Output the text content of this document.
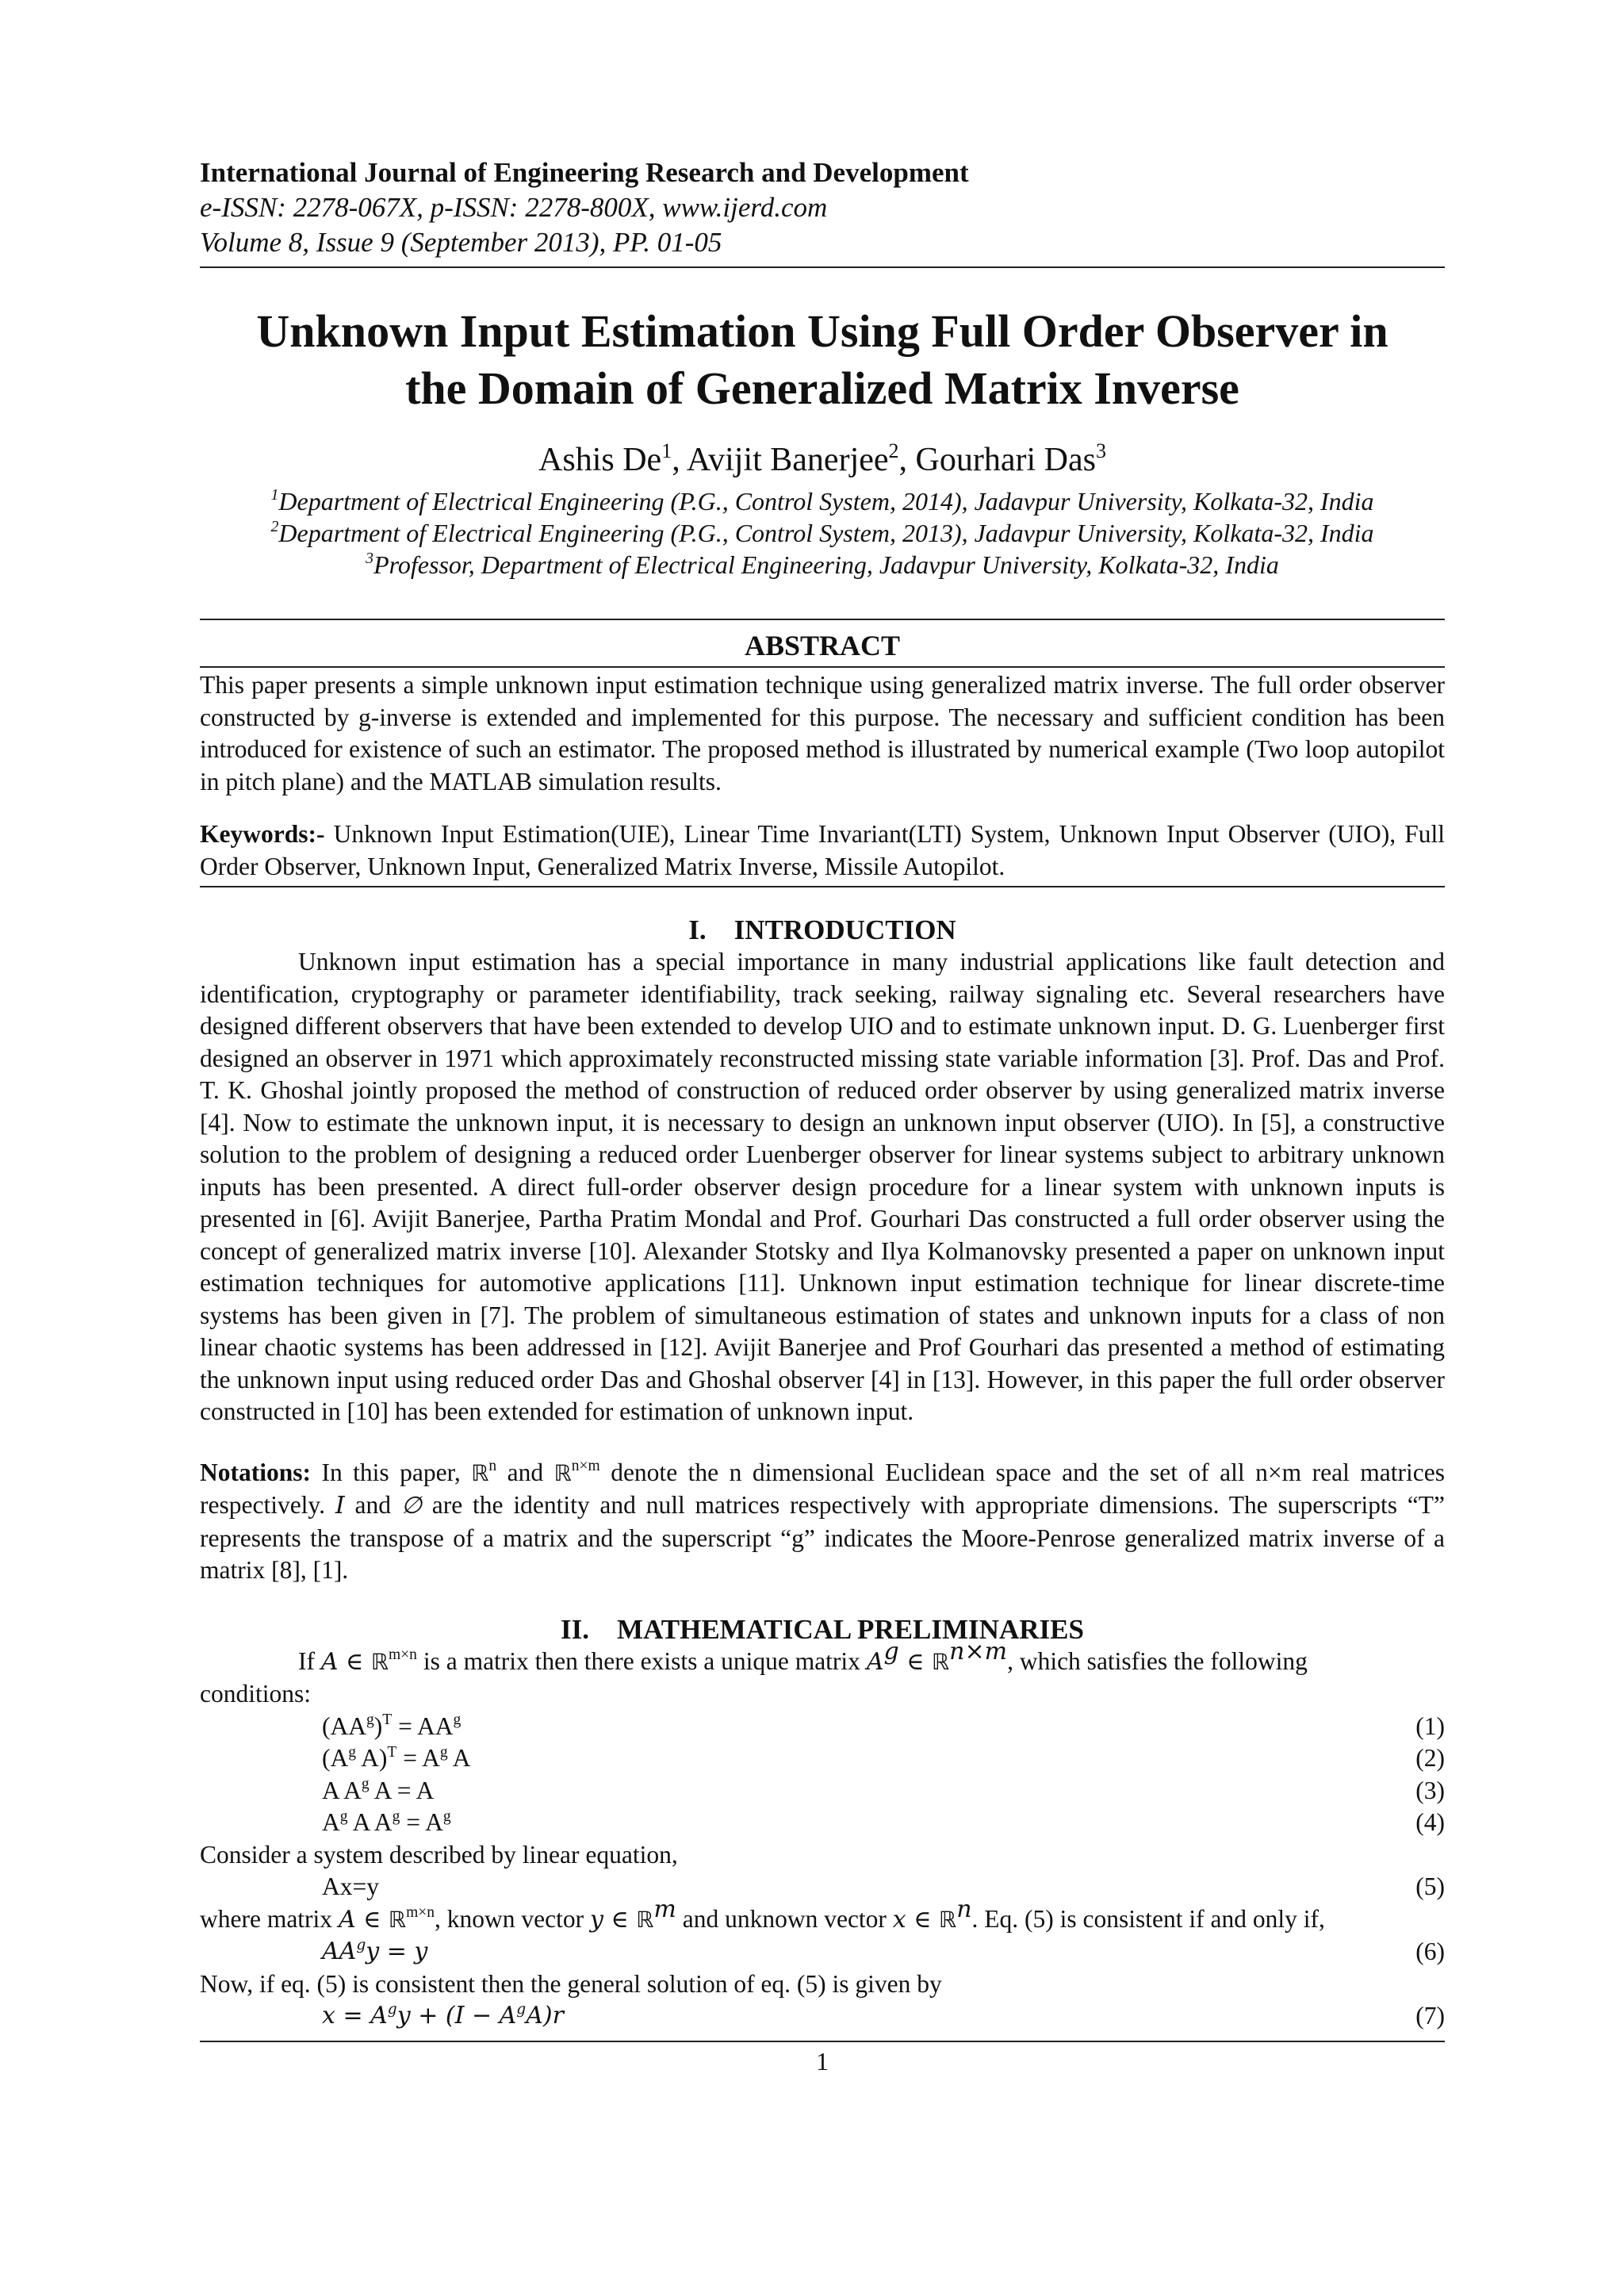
International Journal of Engineering Research and Development
e-ISSN: 2278-067X, p-ISSN: 2278-800X, www.ijerd.com
Volume 8, Issue 9 (September 2013), PP. 01-05
Unknown Input Estimation Using Full Order Observer in
the Domain of Generalized Matrix Inverse
Ashis De$^1$, Avijit Banerjee$^2$, Gourhari Das$^3$
$^1$Department of Electrical Engineering (P.G., Control System, 2014), Jadavpur University, Kolkata-32, India
$^2$Department of Electrical Engineering (P.G., Control System, 2013), Jadavpur University, Kolkata-32, India
$^3$Professor, Department of Electrical Engineering, Jadavpur University, Kolkata-32, India
ABSTRACT

This paper presents a simple unknown input estimation technique using generalized matrix inverse. The full order observer constructed by g-inverse is extended and implemented for this purpose. The necessary and sufficient condition has been introduced for existence of such an estimator. The proposed method is illustrated by numerical example (Two loop autopilot in pitch plane) and the MATLAB simulation results.

Keywords:- Unknown Input Estimation(UIE), Linear Time Invariant(LTI) System, Unknown Input Observer (UIO), Full Order Observer, Unknown Input, Generalized Matrix Inverse, Missile Autopilot.

I.    INTRODUCTION

Unknown input estimation has a special importance in many industrial applications like fault detection and identification, cryptography or parameter identifiability, track seeking, railway signaling etc. Several researchers have designed different observers that have been extended to develop UIO and to estimate unknown input. D. G. Luenberger first designed an observer in 1971 which approximately reconstructed missing state variable information [3]. Prof. Das and Prof. T. K. Ghoshal jointly proposed the method of construction of reduced order observer by using generalized matrix inverse [4]. Now to estimate the unknown input, it is necessary to design an unknown input observer (UIO). In [5], a constructive solution to the problem of designing a reduced order Luenberger observer for linear systems subject to arbitrary unknown inputs has been presented. A direct full-order observer design procedure for a linear system with unknown inputs is presented in [6]. Avijit Banerjee, Partha Pratim Mondal and Prof. Gourhari Das constructed a full order observer using the concept of generalized matrix inverse [10]. Alexander Stotsky and Ilya Kolmanovsky presented a paper on unknown input estimation techniques for automotive applications [11]. Unknown input estimation technique for linear discrete-time systems has been given in [7]. The problem of simultaneous estimation of states and unknown inputs for a class of non linear chaotic systems has been addressed in [12]. Avijit Banerjee and Prof Gourhari das presented a method of estimating the unknown input using reduced order Das and Ghoshal observer [4] in [13]. However, in this paper the full order observer constructed in [10] has been extended for estimation of unknown input.

Notations: In this paper, ℝ$^n$ and ℝ$^{n\times m}$ denote the n dimensional Euclidean space and the set of all n×m real matrices respectively. I and ∅ are the identity and null matrices respectively with appropriate dimensions. The superscripts “T” represents the transpose of a matrix and the superscript “g” indicates the Moore-Penrose generalized matrix inverse of a matrix [8], [1].

II.    MATHEMATICAL PRELIMINARIES

If A ∈ ℝ$^{m\times n}$ is a matrix then there exists a unique matrix $A^g$ ∈ ℝ$^{n\times m}$, which satisfies the following

conditions:

$(AA^g)^T = AA^g$	(1)
($A^g$ $A)^T = A^g$ A	(2)
A $A^g$ A = A	(3)
$A^g$ A $A^g = A^g$	(4)

Consider a system described by linear equation,

Ax=y	(5)

where matrix A ∈ ℝ$^{m\times n}$, known vector y ∈ ℝ$^m$ and unknown vector x ∈ ℝ$^n$. Eq. (5) is consistent if and only if,

$AA^gy = y$	(6)

Now, if eq. (5) is consistent then the general solution of eq. (5) is given by

$x = A^gy + (I - A^gA)r$	(7)
1
